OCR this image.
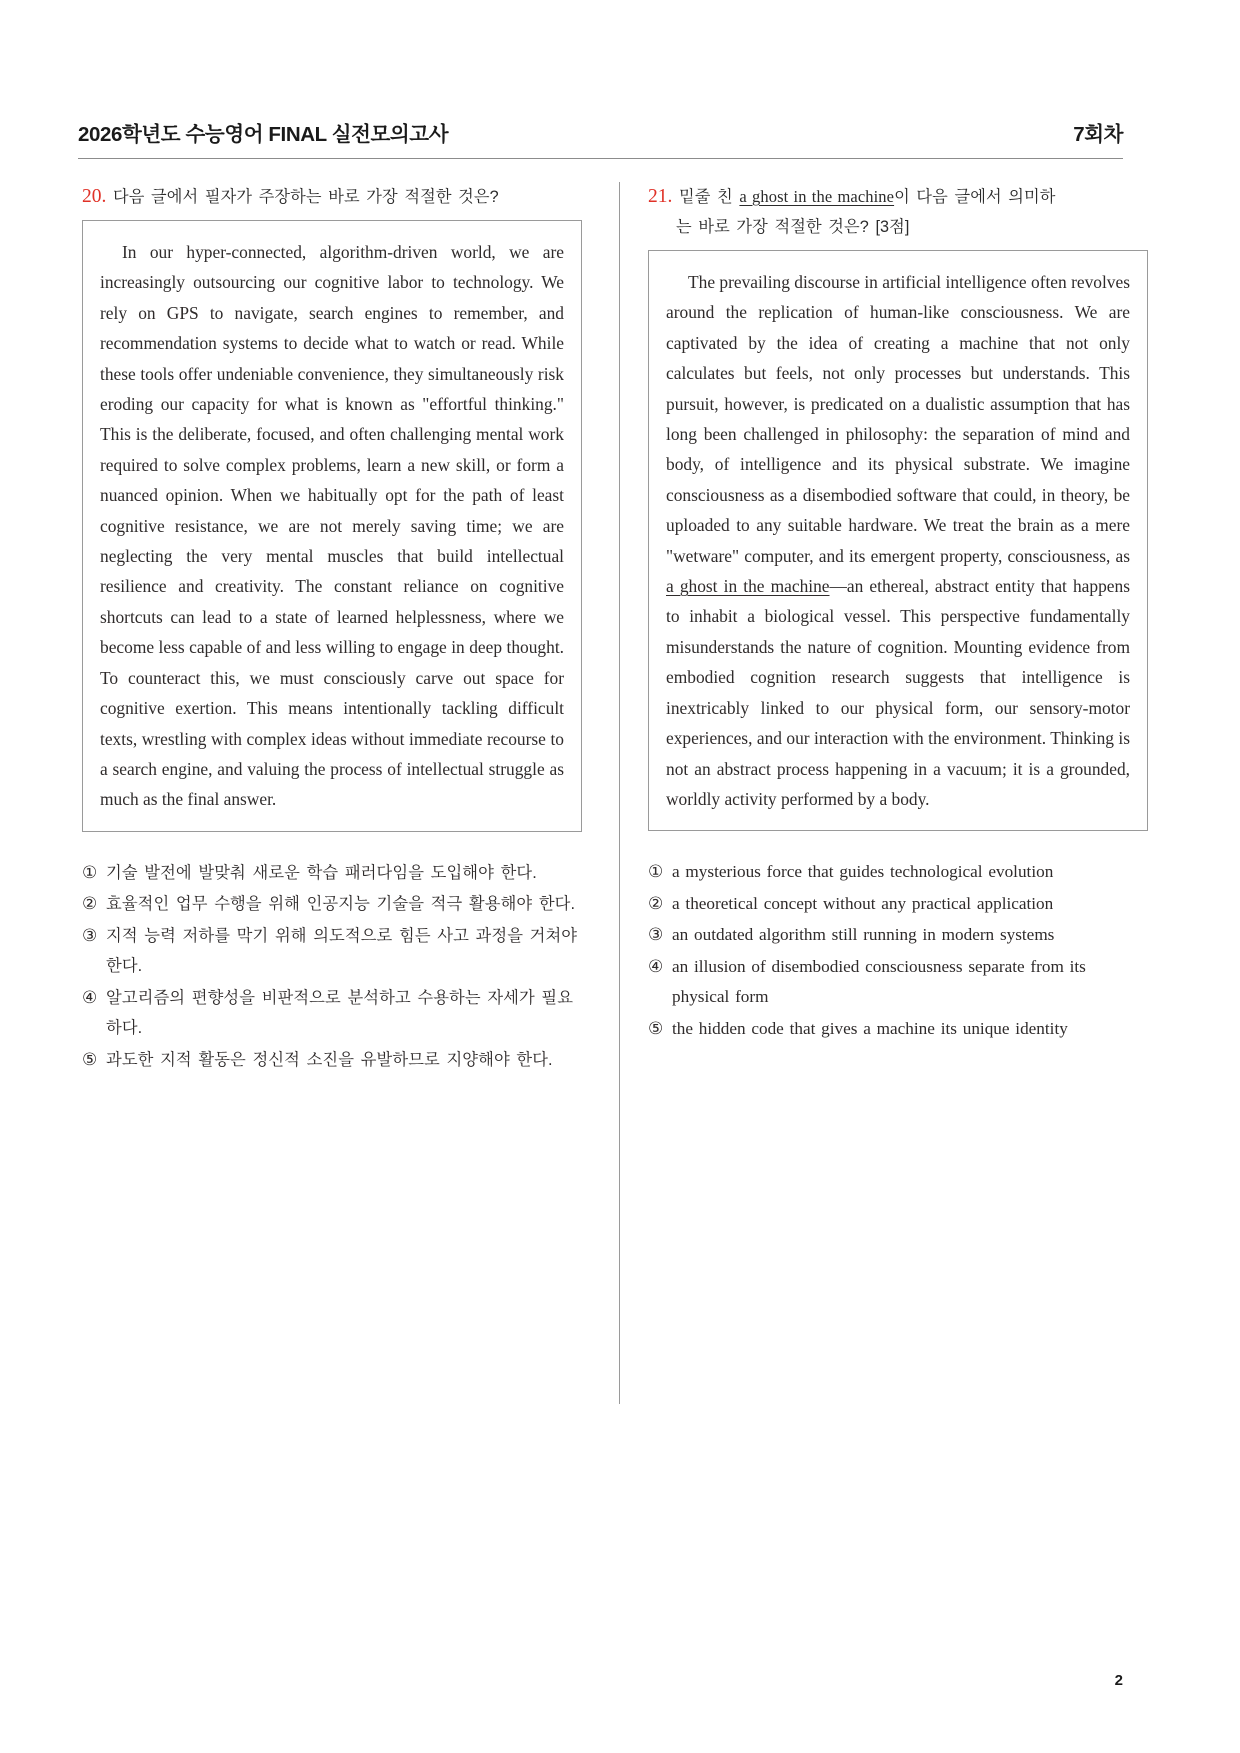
2026학년도 수능영어 FINAL 실전모의고사	7회차

20. 다음 글에서 필자가 주장하는 바로 가장 적절한 것은?

In our hyper-connected, algorithm-driven world, we are increasingly outsourcing our cognitive labor to technology. We rely on GPS to navigate, search engines to remember, and recommendation systems to decide what to watch or read. While these tools offer undeniable convenience, they simultaneously risk eroding our capacity for what is known as "effortful thinking." This is the deliberate, focused, and often challenging mental work required to solve complex problems, learn a new skill, or form a nuanced opinion. When we habitually opt for the path of least cognitive resistance, we are not merely saving time; we are neglecting the very mental muscles that build intellectual resilience and creativity. The constant reliance on cognitive shortcuts can lead to a state of learned helplessness, where we become less capable of and less willing to engage in deep thought. To counteract this, we must consciously carve out space for cognitive exertion. This means intentionally tackling difficult texts, wrestling with complex ideas without immediate recourse to a search engine, and valuing the process of intellectual struggle as much as the final answer.

① 기술 발전에 발맞춰 새로운 학습 패러다임을 도입해야 한다.
② 효율적인 업무 수행을 위해 인공지능 기술을 적극 활용해야 한다.
③ 지적 능력 저하를 막기 위해 의도적으로 힘든 사고 과정을 거쳐야 한다.
④ 알고리즘의 편향성을 비판적으로 분석하고 수용하는 자세가 필요하다.
⑤ 과도한 지적 활동은 정신적 소진을 유발하므로 지양해야 한다.

21. 밑줄 친 a ghost in the machine이 다음 글에서 의미하
는 바로 가장 적절한 것은? [3점]

The prevailing discourse in artificial intelligence often revolves around the replication of human-like consciousness. We are captivated by the idea of creating a machine that not only calculates but feels, not only processes but understands. This pursuit, however, is predicated on a dualistic assumption that has long been challenged in philosophy: the separation of mind and body, of intelligence and its physical substrate. We imagine consciousness as a disembodied software that could, in theory, be uploaded to any suitable hardware. We treat the brain as a mere "wetware" computer, and its emergent property, consciousness, as a ghost in the machine—an ethereal, abstract entity that happens to inhabit a biological vessel. This perspective fundamentally misunderstands the nature of cognition. Mounting evidence from embodied cognition research suggests that intelligence is inextricably linked to our physical form, our sensory-motor experiences, and our interaction with the environment. Thinking is not an abstract process happening in a vacuum; it is a grounded, worldly activity performed by a body.

① a mysterious force that guides technological evolution
② a theoretical concept without any practical application
③ an outdated algorithm still running in modern systems
④ an illusion of disembodied consciousness separate from its physical form
⑤ the hidden code that gives a machine its unique identity
2
